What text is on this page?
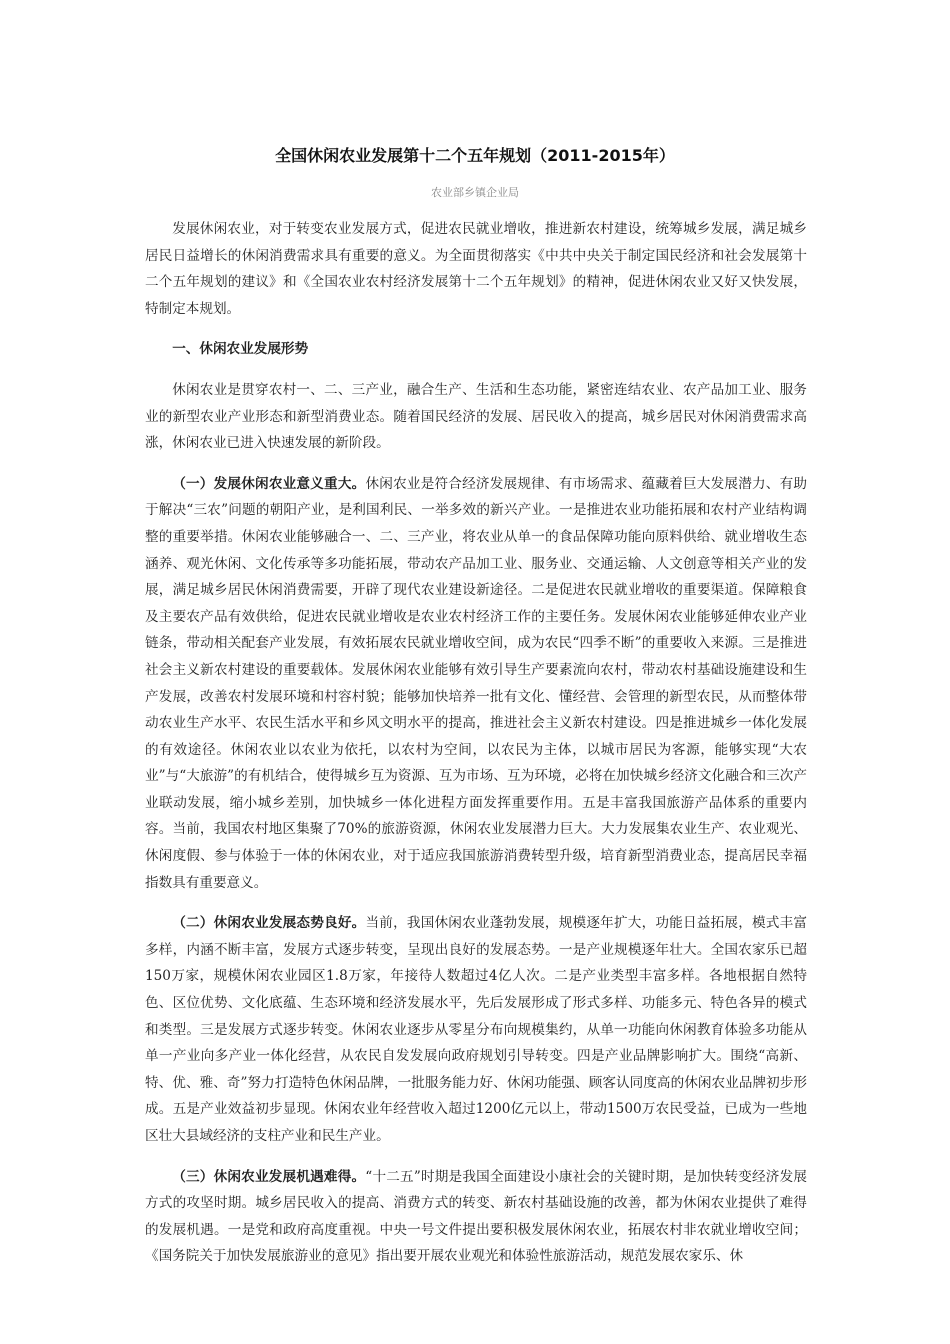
全国休闲农业发展第十二个五年规划（2011-2015年）
农业部乡镇企业局

发展休闲农业，对于转变农业发展方式，促进农民就业增收，推进新农村建设，统筹城乡发展，满足城乡居民日益增长的休闲消费需求具有重要的意义。为全面贯彻落实《中共中央关于制定国民经济和社会发展第十二个五年规划的建议》和《全国农业农村经济发展第十二个五年规划》的精神，促进休闲农业又好又快发展，特制定本规划。

一、休闲农业发展形势

休闲农业是贯穿农村一、二、三产业，融合生产、生活和生态功能，紧密连结农业、农产品加工业、服务业的新型农业产业形态和新型消费业态。随着国民经济的发展、居民收入的提高，城乡居民对休闲消费需求高涨，休闲农业已进入快速发展的新阶段。

（一）发展休闲农业意义重大。休闲农业是符合经济发展规律、有市场需求、蕴藏着巨大发展潜力、有助于解决“三农”问题的朝阳产业，是利国利民、一举多效的新兴产业。一是推进农业功能拓展和农村产业结构调整的重要举措。休闲农业能够融合一、二、三产业，将农业从单一的食品保障功能向原料供给、就业增收生态涵养、观光休闲、文化传承等多功能拓展，带动农产品加工业、服务业、交通运输、人文创意等相关产业的发展，满足城乡居民休闲消费需要，开辟了现代农业建设新途径。二是促进农民就业增收的重要渠道。保障粮食及主要农产品有效供给，促进农民就业增收是农业农村经济工作的主要任务。发展休闲农业能够延伸农业产业链条，带动相关配套产业发展，有效拓展农民就业增收空间，成为农民“四季不断”的重要收入来源。三是推进社会主义新农村建设的重要载体。发展休闲农业能够有效引导生产要素流向农村，带动农村基础设施建设和生产发展，改善农村发展环境和村容村貌；能够加快培养一批有文化、懂经营、会管理的新型农民，从而整体带动农业生产水平、农民生活水平和乡风文明水平的提高，推进社会主义新农村建设。四是推进城乡一体化发展的有效途径。休闲农业以农业为依托，以农村为空间，以农民为主体，以城市居民为客源，能够实现“大农业”与“大旅游”的有机结合，使得城乡互为资源、互为市场、互为环境，必将在加快城乡经济文化融合和三次产业联动发展，缩小城乡差别，加快城乡一体化进程方面发挥重要作用。五是丰富我国旅游产品体系的重要内容。当前，我国农村地区集聚了70%的旅游资源，休闲农业发展潜力巨大。大力发展集农业生产、农业观光、休闲度假、参与体验于一体的休闲农业，对于适应我国旅游消费转型升级，培育新型消费业态，提高居民幸福指数具有重要意义。

（二）休闲农业发展态势良好。当前，我国休闲农业蓬勃发展，规模逐年扩大，功能日益拓展，模式丰富多样，内涵不断丰富，发展方式逐步转变，呈现出良好的发展态势。一是产业规模逐年壮大。全国农家乐已超150万家，规模休闲农业园区1.8万家，年接待人数超过4亿人次。二是产业类型丰富多样。各地根据自然特色、区位优势、文化底蕴、生态环境和经济发展水平，先后发展形成了形式多样、功能多元、特色各异的模式和类型。三是发展方式逐步转变。休闲农业逐步从零星分布向规模集约，从单一功能向休闲教育体验多功能从单一产业向多产业一体化经营，从农民自发发展向政府规划引导转变。四是产业品牌影响扩大。围绕“高新、特、优、雅、奇”努力打造特色休闲品牌，一批服务能力好、休闲功能强、顾客认同度高的休闲农业品牌初步形成。五是产业效益初步显现。休闲农业年经营收入超过1200亿元以上，带动1500万农民受益，已成为一些地区壮大县域经济的支柱产业和民生产业。

（三）休闲农业发展机遇难得。“十二五”时期是我国全面建设小康社会的关键时期，是加快转变经济发展方式的攻坚时期。城乡居民收入的提高、消费方式的转变、新农村基础设施的改善，都为休闲农业提供了难得的发展机遇。一是党和政府高度重视。中央一号文件提出要积极发展休闲农业，拓展农村非农就业增收空间；《国务院关于加快发展旅游业的意见》指出要开展农业观光和体验性旅游活动，规范发展农家乐、休
